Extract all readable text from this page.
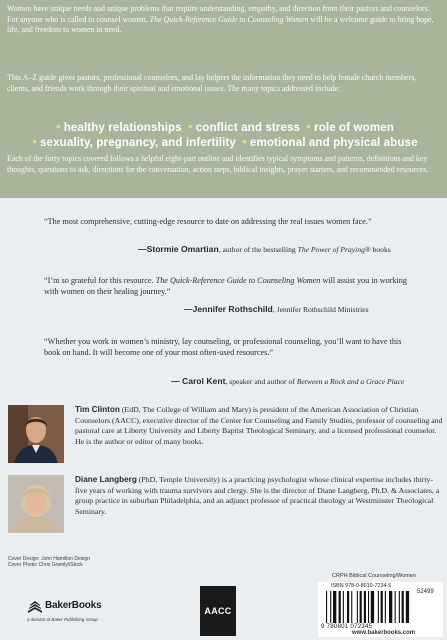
Women have unique needs and unique problems that require understanding, empathy, and direction from their pastors and counselors. For anyone who is called to counsel women, The Quick-Reference Guide to Counseling Women will be a welcome guide to bring hope, life, and freedom to women in need.

This A–Z guide gives pastors, professional counselors, and lay helpers the information they need to help female church members, clients, and friends work through their spiritual and emotional issues. The many topics addressed include:

• healthy relationships • conflict and stress • role of women
• sexuality, pregnancy, and infertility • emotional and physical abuse

Each of the forty topics covered follows a helpful eight-part outline and identifies typical symptoms and patterns, definitions and key thoughts, questions to ask, directions for the conversation, action steps, biblical insights, prayer starters, and recommended resources.

“The most comprehensive, cutting-edge resource to date on addressing the real issues women face.”

—Stormie Omartian, author of the bestselling The Power of Praying® books

“I’m so grateful for this resource. The Quick-Reference Guide to Counseling Women will assist you in working with women on their healing journey.”

—Jennifer Rothschild, Jennifer Rothschild Ministries

“Whether you work in women’s ministry, lay counseling, or professional counseling, you’ll want to have this book on hand. It will become one of your most often-used resources.”

— Carol Kent, speaker and author of Between a Rock and a Grace Place

Tim Clinton (EdD, The College of William and Mary) is president of the American Association of Christian Counselors (AACC), executive director of the Center for Counseling and Family Studies, professor of counseling and pastoral care at Liberty University and Liberty Baptist Theological Seminary, and a licensed professional counselor. He is the author or editor of many books.

Diane Langberg (PhD, Temple University) is a practicing psychologist whose clinical expertise includes thirty-five years of working with trauma survivors and clergy. She is the director of Diane Langberg, Ph.D. & Associates, a group practice in suburban Philadelphia, and an adjunct professor of practical theology at Westminster Theological Seminary.

Cover Design: John Hamilton Design
Cover Photo: Chris Gramly/iStock
BakerBooks
a division of Baker Publishing Group
AACC
CRPH Biblical Counseling/Women
ISBN 978-0-8010-7234-5
52499
9 780801 072345
www.bakerbooks.com
